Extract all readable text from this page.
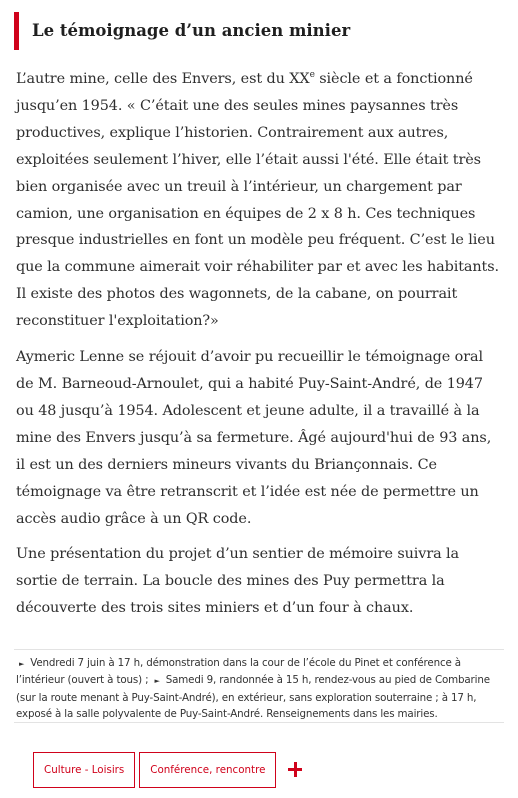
Le témoignage d’un ancien minier

L’autre mine, celle des Envers, est du XXe siècle et a fonctionné jusqu’en 1954. « C’était une des seules mines paysannes très productives, explique l’historien. Contrairement aux autres, exploitées seulement l’hiver, elle l’était aussi l'été. Elle était très bien organisée avec un treuil à l’intérieur, un chargement par camion, une organisation en équipes de 2 x 8 h. Ces techniques presque industrielles en font un modèle peu fréquent. C’est le lieu que la commune aimerait voir réhabiliter par et avec les habitants. Il existe des photos des wagonnets, de la cabane, on pourrait reconstituer l'exploitation?»

Aymeric Lenne se réjouit d’avoir pu recueillir le témoignage oral de M. Barneoud-Arnoulet, qui a habité Puy-Saint-André, de 1947 ou 48 jusqu’à 1954. Adolescent et jeune adulte, il a travaillé à la mine des Envers jusqu’à sa fermeture. Âgé aujourd'hui de 93 ans, il est un des derniers mineurs vivants du Briançonnais. Ce témoignage va être retranscrit et l’idée est née de permettre un accès audio grâce à un QR code.

Une présentation du projet d’un sentier de mémoire suivra la sortie de terrain. La boucle des mines des Puy permettra la découverte des trois sites miniers et d’un four à chaux.

► Vendredi 7 juin à 17 h, démonstration dans la cour de l’école du Pinet et conférence à l’intérieur (ouvert à tous) ; ► Samedi 9, randonnée à 15 h, rendez-vous au pied de Combarine (sur la route menant à Puy-Saint-André), en extérieur, sans exploration souterraine ; à 17 h, exposé à la salle polyvalente de Puy-Saint-André. Renseignements dans les mairies.
Culture - Loisirs	Conférence, rencontre
